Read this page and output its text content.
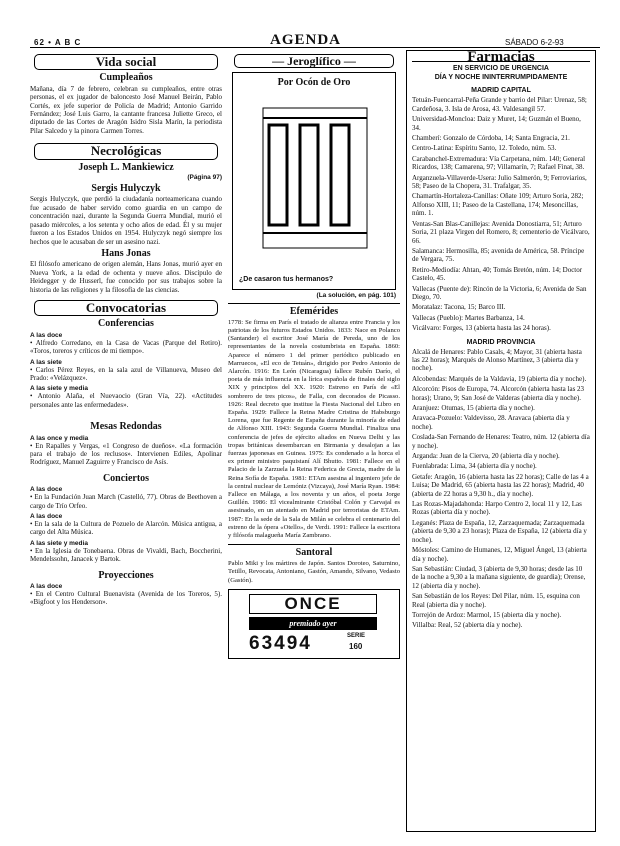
62 • A B C	AGENDA	SÁBADO 6-2-93
Vida social
Cumpleaños

Mañana, día 7 de febrero, celebran su cumpleaños, entre otras personas, el ex jugador de baloncesto José Manuel Beirán, Pablo Cortés, ex jefe superior de Policía de Madrid; Antonio Garrido Fernández; José Luis Garro, la cantante francesa Juliette Greco, el diputado de las Cortes de Aragón Isidro Sisla Marín, la periodista Pilar Salcedo y la pinora Carmen Torres.

Necrológicas
Joseph L. Mankiewicz
(Página 97)
Sergis Hulyczyk

Sergis Hulyczyk, que perdió la ciudadanía norteamericana cuando fue acusado de haber servido como guardia en un campo de concentración nazi, durante la Segunda Guerra Mundial, murió el pasado miércoles, a los setenta y ocho años de edad. Él y su mujer fueron a los Estados Unidos en 1954. Hulyczyk negó siempre los hechos que le acusaban de ser un asesino nazi.

Hans Jonas

El filósofo americano de origen alemán, Hans Jonas, murió ayer en Nueva York, a la edad de ochenta y nueve años. Discípulo de Heidegger y de Husserl, fue conocido por sus trabajos sobre la historia de las religiones y la filosofía de las ciencias.

Convocatorias
Conferencias
A las doce

• Alfredo Corredano, en la Casa de Vacas (Parque del Retiro). «Toros, toreros y críticos de mi tiempo».

A las siete

• Carlos Pérez Reyes, en la sala azul de Villanueva, Museo del Prado: «Velázquez».

A las siete y media

• Antonio Alaña, el Nuevaocio (Gran Vía, 22). «Actitudes personales ante las enfermedades».

Mesas Redondas
A las once y media

• En Rapalles y Vergas, «1 Congreso de dueños». «La formación para el trabajo de los reclusos». Intervienen Ediles, Apolinar Rodríguez, Manuel Zaguirre y Francisco de Asís.

Conciertos
A las doce

• En la Fundación Juan March (Castelló, 77). Obras de Beethoven a cargo de Trío Orfeo.

A las doce

• En la sala de la Cultura de Pozuelo de Alarcón. Música antigua, a cargo del Alta Música.

A las siete y media

• En la Iglesia de Tonebaena. Obras de Vivaldi, Bach, Boccherini, Mendelssohn, Janacek y Bartok.

Proyecciones
A las doce

• En el Centro Cultural Buenavista (Avenida de los Toreros, 5). «Bigfoot y los Henderson».

— Jeroglífico —
Por Ocón de Oro
¿De casaron tus hermanos?
(La solución, en pág. 101)
Efemérides

1778: Se firma en París el tratado de alianza entre Francia y los patriotas de los futuros Estados Unidos. 1833: Nace en Polanco (Santander) el escritor José María de Pereda, uno de los representantes de la novela costumbrista en España. 1860: Aparece el número 1 del primer periódico publicado en Marruecos, «El eco de Tetuán», dirigido por Pedro Antonio de Alarcón. 1916: En León (Nicaragua) fallece Rubén Darío, el poeta de más influencia en la lírica española de finales del siglo XIX y principios del XX. 1920: Estreno en París de «El sombrero de tres picos», de Falla, con decorados de Picasso. 1926: Real decreto que institue la Fiesta Nacional del Libro en España. 1929: Fallece la Reina Madre Cristina de Habsburgo Lorena, que fue Regente de España durante la minoría de edad de Alfonso XIII. 1943: Segunda Guerra Mundial. Finaliza una conferencia de jefes de ejército aliados en Nueva Delhi y las tropas británicas desembarcan en Birmania y desalojan a las fuerzas japonesas en Guinea. 1975: Es condenado a la horca el ex primer ministro paquistaní Alí Bhutto. 1981: Fallece en el Palacio de la Zarzuela la Reina Federica de Grecia, madre de la Reina Sofía de España. 1981: ETAm asesina al ingeniero jefe de la central nuclear de Lemóniz (Vizcaya), José María Ryan. 1984: Fallece en Málaga, a los noventa y un años, el poeta Jorge Guillén. 1986: El vicealmirante Cristóbal Colón y Carvajal es asesinado, en un atentado en Madrid por terroristas de ETAm. 1987: En la sede de la Sala de Milán se celebra el centenario del estreno de la ópera «Otello», de Verdi. 1991: Fallece la escritora y filósofa malagueña María Zambrano.

Santoral

Pablo Miki y los mártires de Japón. Santos Doroteo, Saturnino, Tetillo, Revocata, Antoniano, Gastón, Amando, Silvano, Vedasto (Gastón).

ONCE
premiado ayer
63494	SERIE
160
Farmacias
EN SERVICIO DE URGENCIA
DÍA Y NOCHE ININTERRUMPIDAMENTE
MADRID CAPITAL

Tetuán-Fuencarral-Peña Grande y barrio del Pilar: Urenaz, 58; Cardeñosa, 3. Isla de Arosa, 43. Valdesangil 57.

Universidad-Moncloa: Daiz y Muret, 14; Guzmán el Bueno, 34.

Chamberí: Gonzalo de Córdoba, 14; Santa Engracia, 21.

Centro-Latina: Espíritu Santo, 12. Toledo, núm. 53.

Carabanchel-Extremadura: Vía Carpetana, núm. 140; General Ricardos, 138; Camarena, 97; Villamarín, 7; Rafael Finat, 38.

Arganzuela-Villaverde-Usera: Julio Salmerón, 9; Ferroviarios, 58; Paseo de la Chopera, 31. Trafalgar, 35.

Chamartín-Hortaleza-Canillas: Oñate 109; Arturo Soria, 282; Alfonso XIII, 11; Paseo de la Castellana, 174; Mesoncillas, núm. 1.

Ventas-San Blas-Canillejas: Avenida Donostiarra, 51; Arturo Soria, 21 plaza Virgen del Romero, 8; cementerio de Vicálvaro, 66.

Salamanca: Hermosilla, 85; avenida de América, 58. Príncipe de Vergara, 75.

Retiro-Mediodía: Ahtan, 40; Tomás Bretón, núm. 14; Doctor Castelo, 45.

Vallecas (Puente de): Rincón de la Victoria, 6; Avenida de San Diego, 70.

Moratalaz: Tacona, 15; Barco III.

Vallecas (Pueblo): Martes Barbanza, 14.

Vicálvaro: Forges, 13 (abierta hasta las 24 horas).

MADRID PROVINCIA

Alcalá de Henares: Pablo Casals, 4; Mayor, 31 (abierta hasta las 22 horas); Marqués de Alonso Martínez, 3 (abierta día y noche).

Alcobendas: Marqués de la Valdavia, 19 (abierta día y noche).

Alcorcón: Pisos de Europa, 74. Alcorcón (abierta hasta las 23 horas); Urano, 9; San José de Valderas (abierta día y noche).

Aranjuez: Otumas, 15 (abierta día y noche).

Aravaca-Pozuelo: Valdevisso, 28. Aravaca (abierta día y noche).

Coslada-San Fernando de Henares: Teatro, núm. 12 (abierta día y noche).

Arganda: Juan de la Cierva, 20 (abierta día y noche).

Fuenlabrada: Lima, 34 (abierta día y noche).

Getafe: Aragón, 16 (abierta hasta las 22 horas); Calle de las 4 a Luisa; De Madrid, 65 (abierta hasta las 22 horas); Madrid, 40 (abierta de 22 horas a 9,30 h., día y noche).

Las Rozas-Majadahonda: Harpo Centro 2, local 11 y 12, Las Rozas (abierta día y noche).

Leganés: Plaza de España, 12, Zarzaquemada; Zarzaquemada (abierta de 9,30 a 23 horas); Plaza de España, 12 (abierta día y noche).

Móstoles: Camino de Humanes, 12, Miguel Ángel, 13 (abierta día y noche).

San Sebastián: Ciudad, 3 (abierta de 9,30 horas; desde las 10 de la noche a 9,30 a la mañana siguiente, de guardia); Orense, 12 (abierta día y noche).

San Sebastián de los Reyes: Del Pilar, núm. 15, esquina con Real (abierta día y noche).

Torrejón de Ardoz: Marmol, 15 (abierta día y noche).

Villalba: Real, 52 (abierta día y noche).
